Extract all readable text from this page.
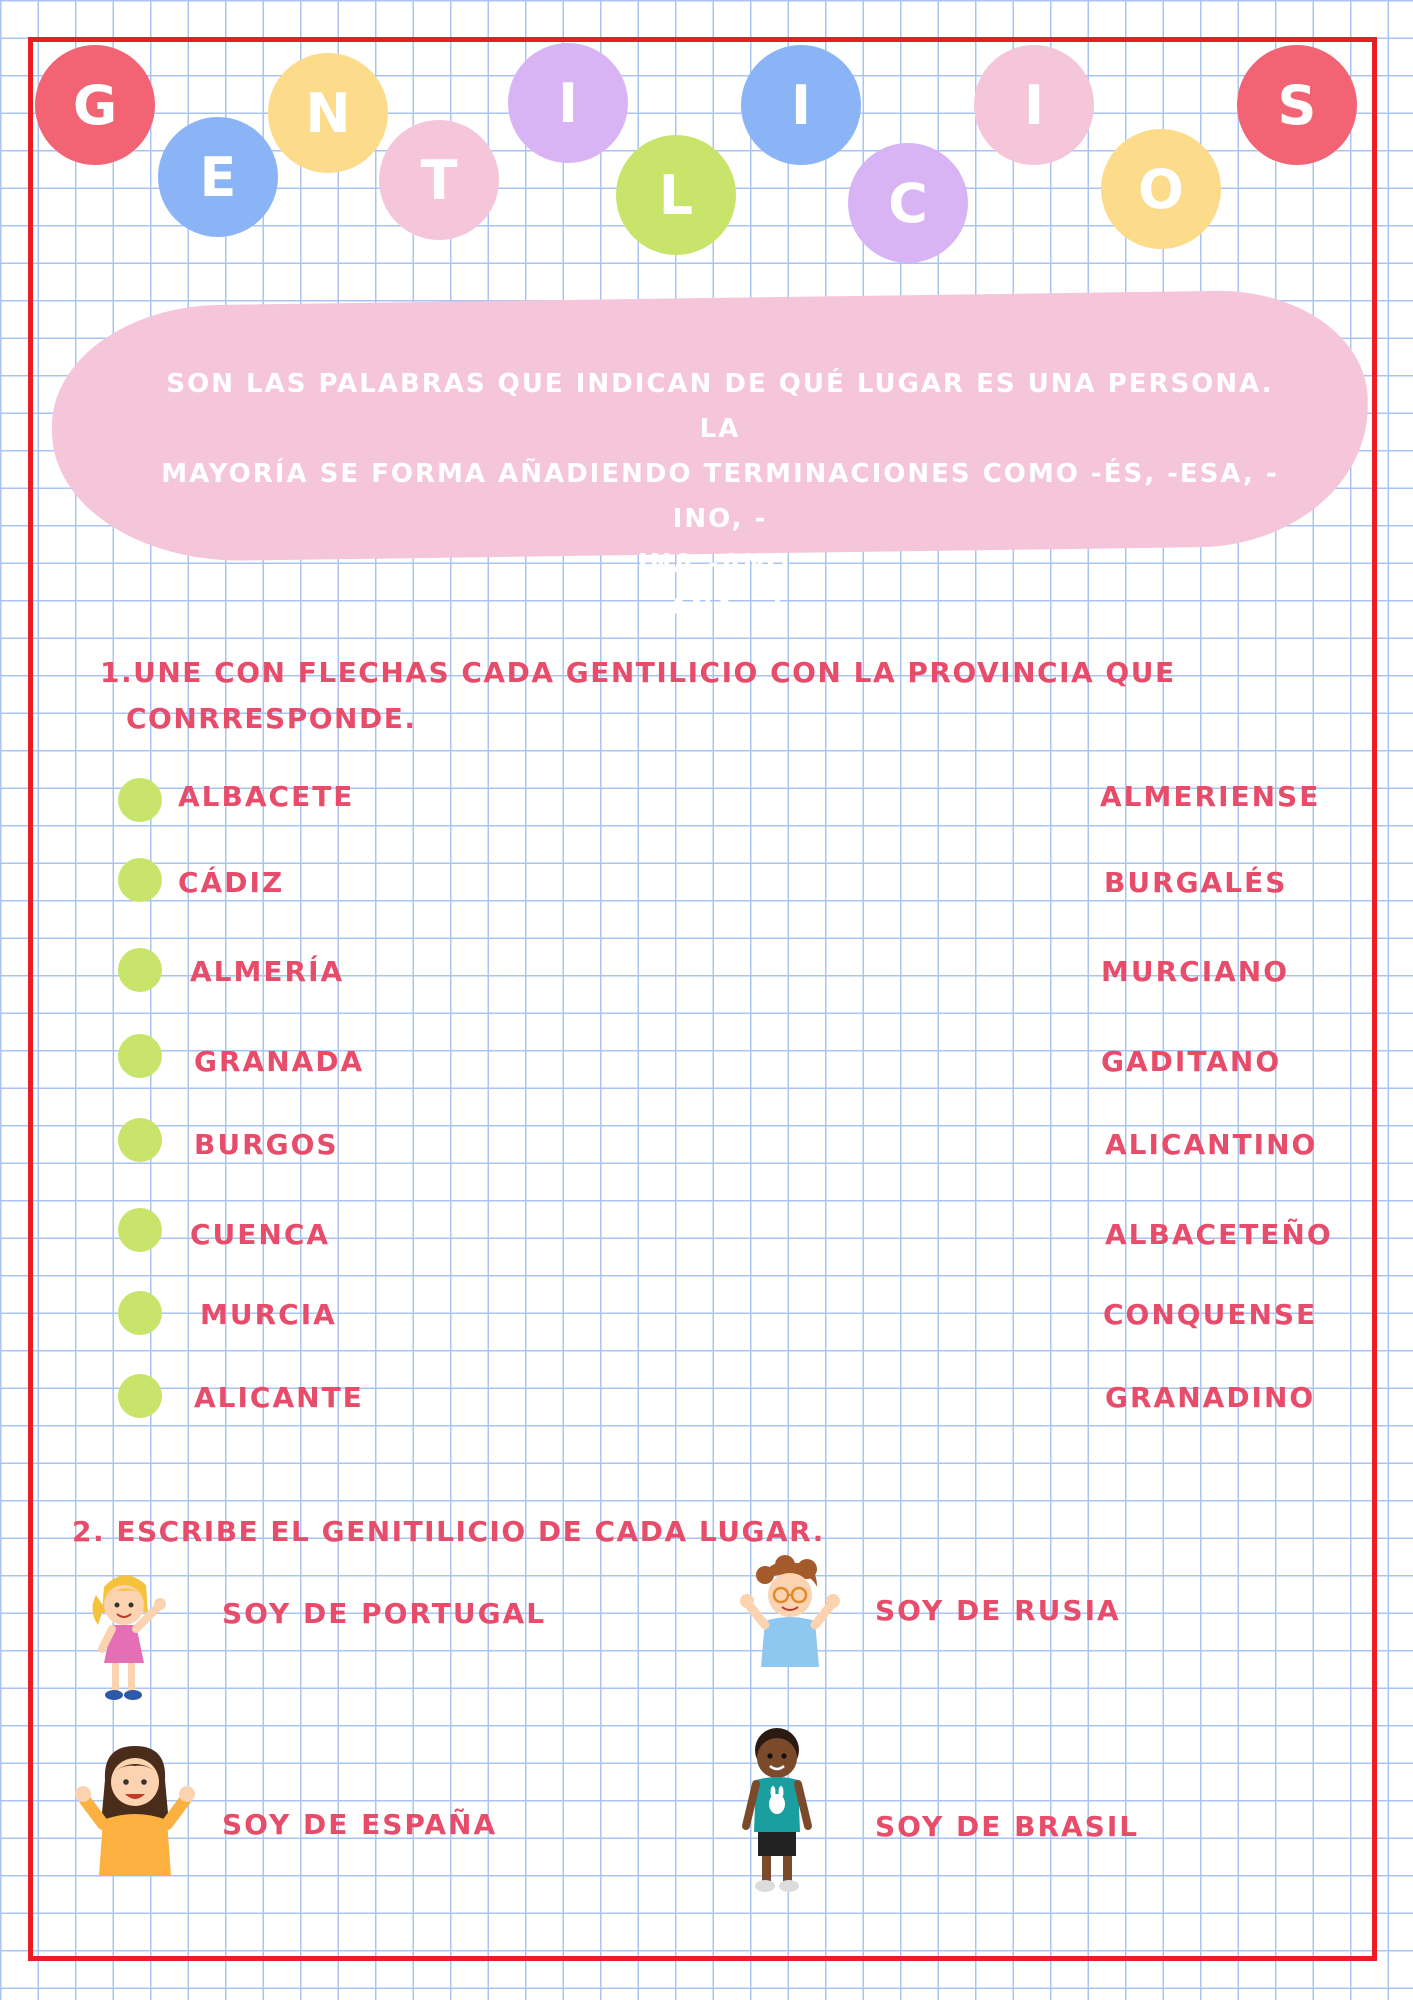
G
E
N
T
I
L
I
C
I
O
S
SON LAS PALABRAS QUE INDICAN DE QUÉ LUGAR ES UNA PERSONA. LA
MAYORÍA SE FORMA AÑADIENDO TERMINACIONES COMO -ÉS, -ESA, -INO, -
INA,-ANO,
-ANA, -Í
1.UNE CON FLECHAS CADA GENTILICIO CON LA PROVINCIA QUE
CONRRESPONDE.
ALBACETE
CÁDIZ
ALMERÍA
GRANADA
BURGOS
CUENCA
MURCIA
ALICANTE
ALMERIENSE
BURGALÉS
MURCIANO
GADITANO
ALICANTINO
ALBACETEÑO
CONQUENSE
GRANADINO
2. ESCRIBE EL GENITILICIO DE CADA LUGAR.
SOY DE PORTUGAL	SOY DE RUSIA
SOY DE ESPAÑA	SOY DE BRASIL
